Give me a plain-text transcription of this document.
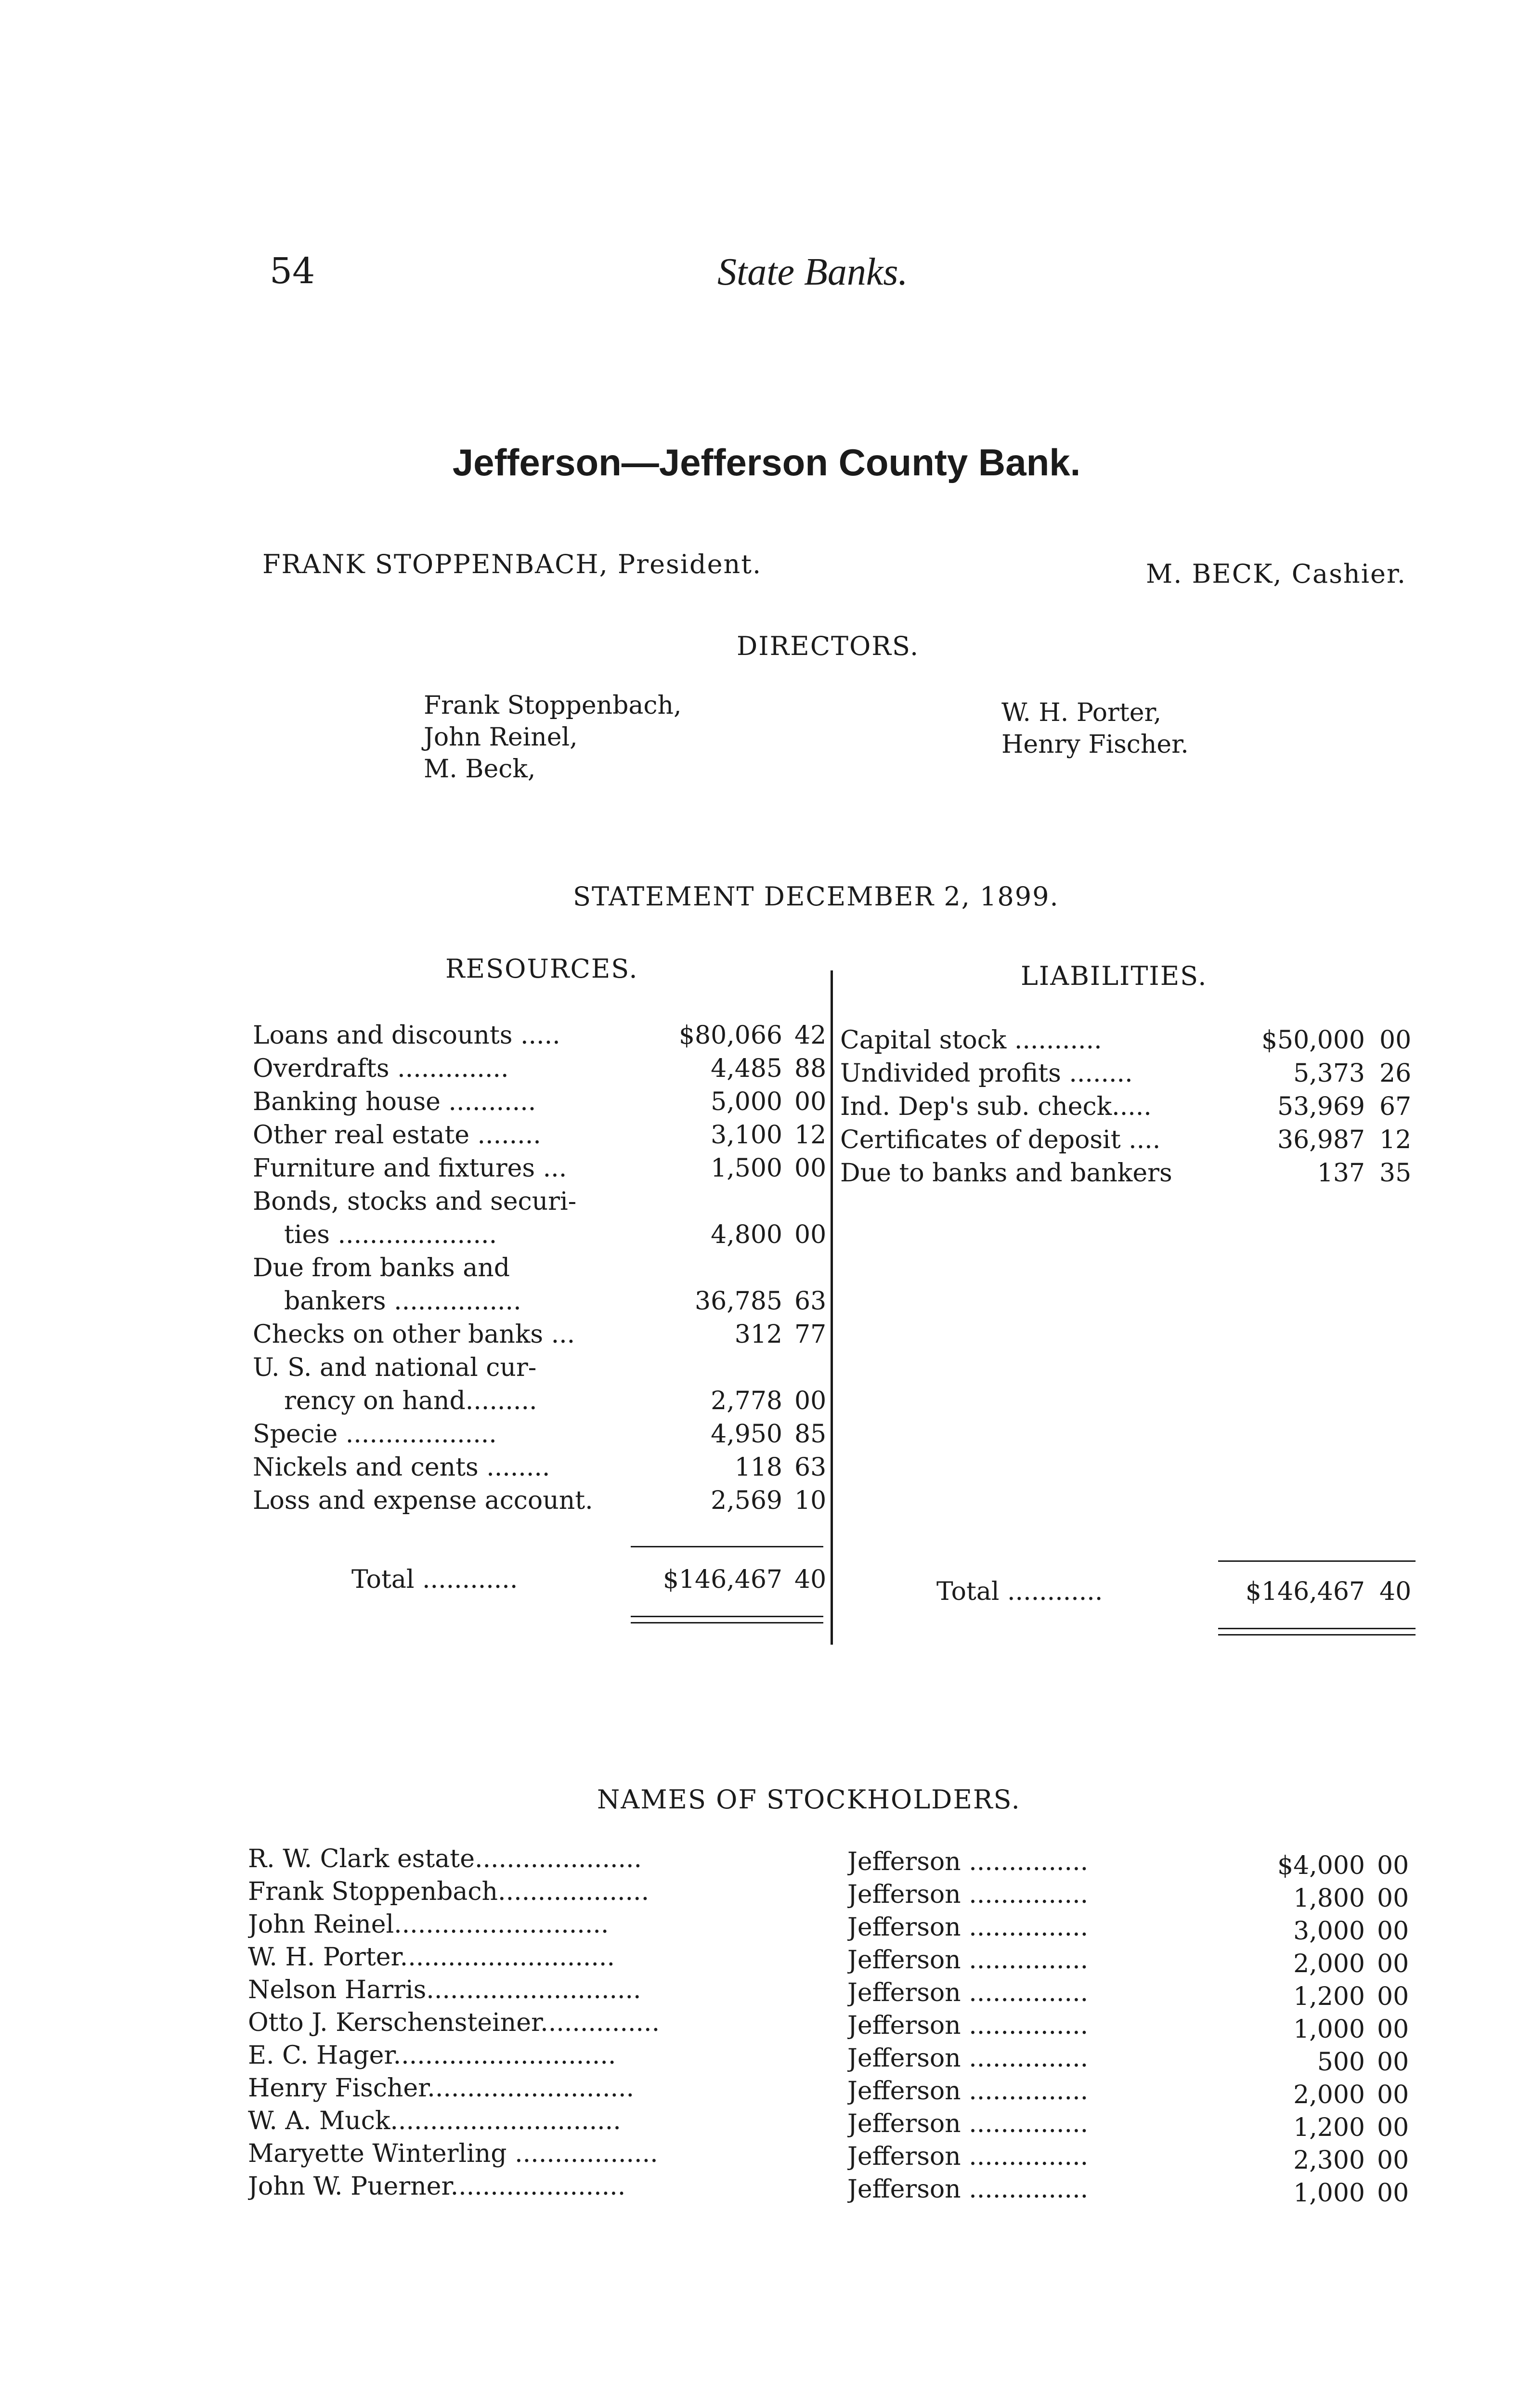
54	State Banks.
Jefferson—Jefferson County Bank.
FRANK STOPPENBACH, President.	M. BECK, Cashier.
DIRECTORS.
Frank Stoppenbach,
John Reinel,
M. Beck,
W. H. Porter,
Henry Fischer.
STATEMENT DECEMBER 2, 1899.
RESOURCES.	LIABILITIES.
Loans and discounts .....	$80,066 42
Overdrafts ..............	4,485 88
Banking house ...........	5,000 00
Other real estate ........	3,100 12
Furniture and fixtures ...	1,500 00
Bonds, stocks and securi-
ties ....................	4,800 00
Due from banks and
bankers ................	36,785 63
Checks on other banks ...	312 77
U. S. and national cur-
rency on hand.........	2,778 00
Specie ...................	4,950 85
Nickels and cents ........	118 63
Loss and expense account.	2,569 10
Total ............	$146,467 40
Capital stock ...........	$50,000 00
Undivided profits ........	5,373 26
Ind. Dep's sub. check.....	53,969 67
Certificates of deposit ....	36,987 12
Due to banks and bankers	137 35
Total ............	$146,467 40
NAMES OF STOCKHOLDERS.
R. W. Clark estate.....................	Jefferson ...............	$4,000 00
Frank Stoppenbach...................	Jefferson ...............	1,800 00
John Reinel...........................	Jefferson ...............	3,000 00
W. H. Porter...........................	Jefferson ...............	2,000 00
Nelson Harris...........................	Jefferson ...............	1,200 00
Otto J. Kerschensteiner...............	Jefferson ...............	1,000 00
E. C. Hager............................	Jefferson ...............	500 00
Henry Fischer..........................	Jefferson ...............	2,000 00
W. A. Muck.............................	Jefferson ...............	1,200 00
Maryette Winterling ..................	Jefferson ...............	2,300 00
John W. Puerner......................	Jefferson ...............	1,000 00
